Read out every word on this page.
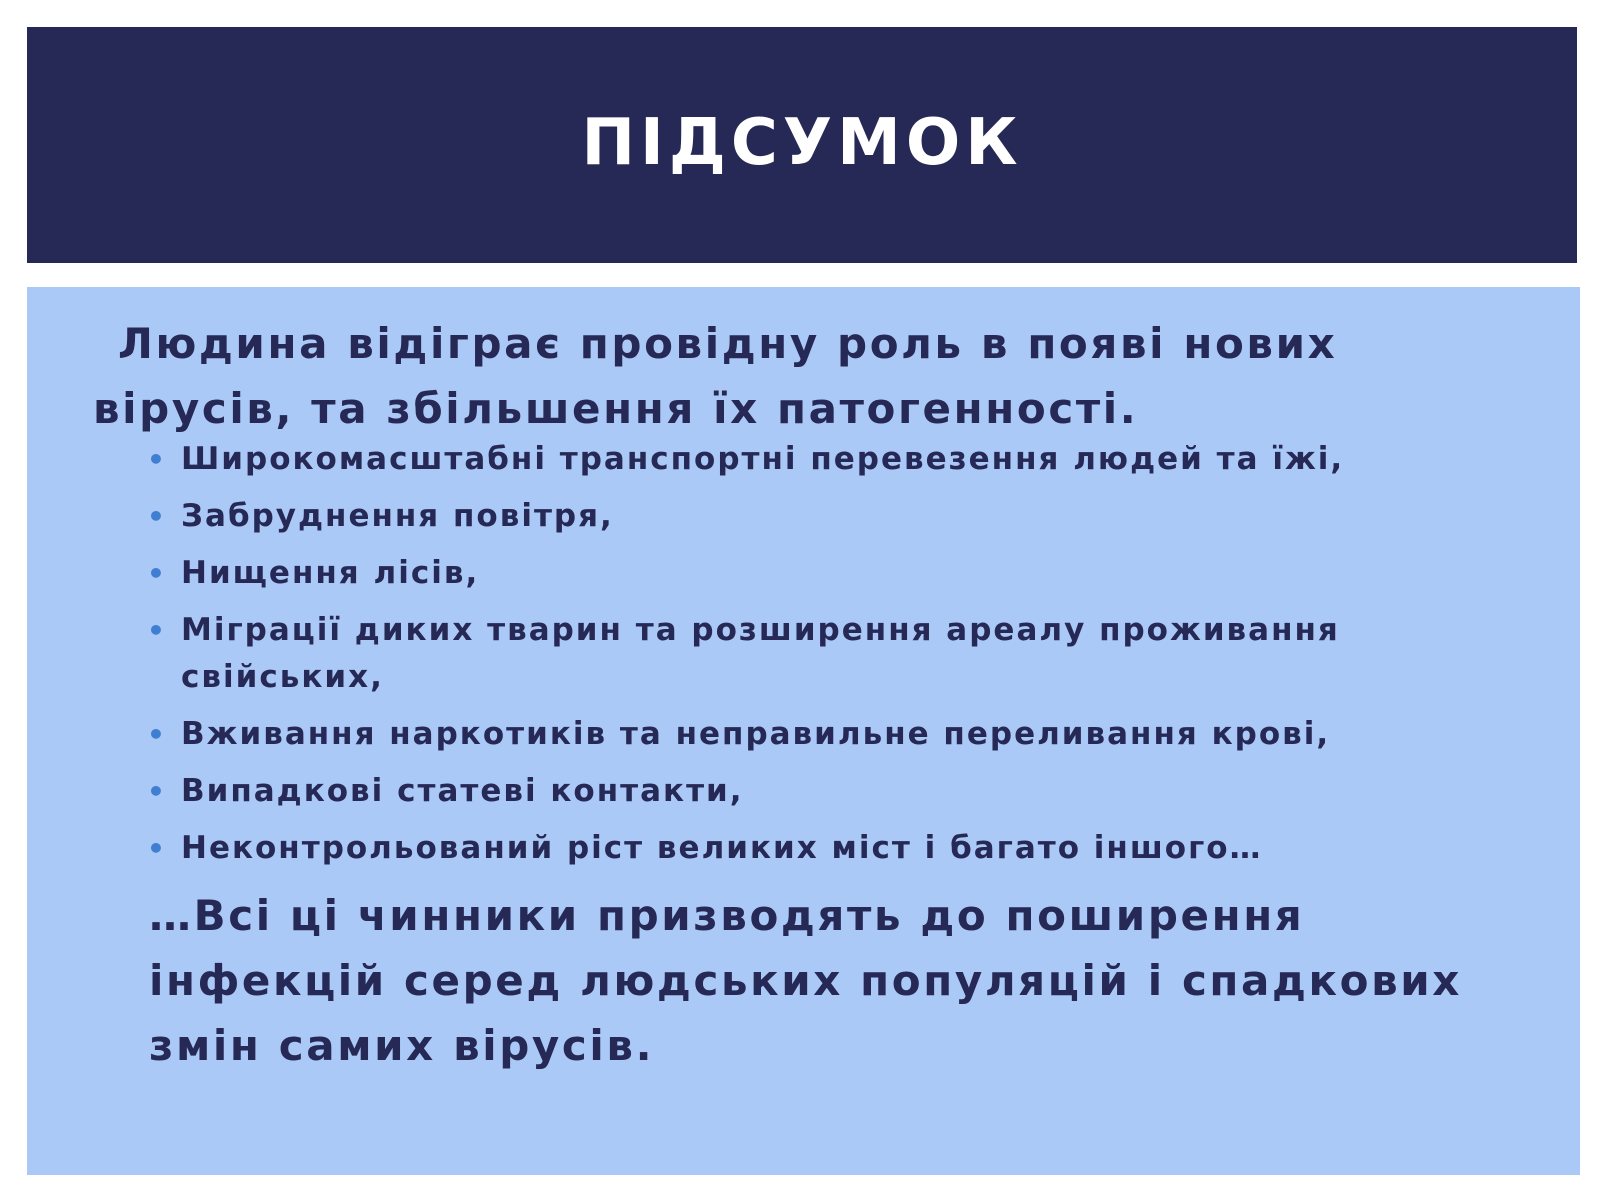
ПІДСУМОК

Людина відіграє провідну роль в появі нових вірусів, та збільшення їх патогенності.

• Широкомасштабні транспортні перевезення людей та їжі,
• Забруднення повітря,
• Нищення лісів,
• Міграції диких тварин та розширення ареалу проживання свійських,
• Вживання наркотиків та неправильне переливання крові,
• Випадкові статеві контакти,
• Неконтрольований ріст великих міст і багато іншого…

…Всі ці чинники призводять до поширення інфекцій серед людських популяцій і спадкових змін самих вірусів.
